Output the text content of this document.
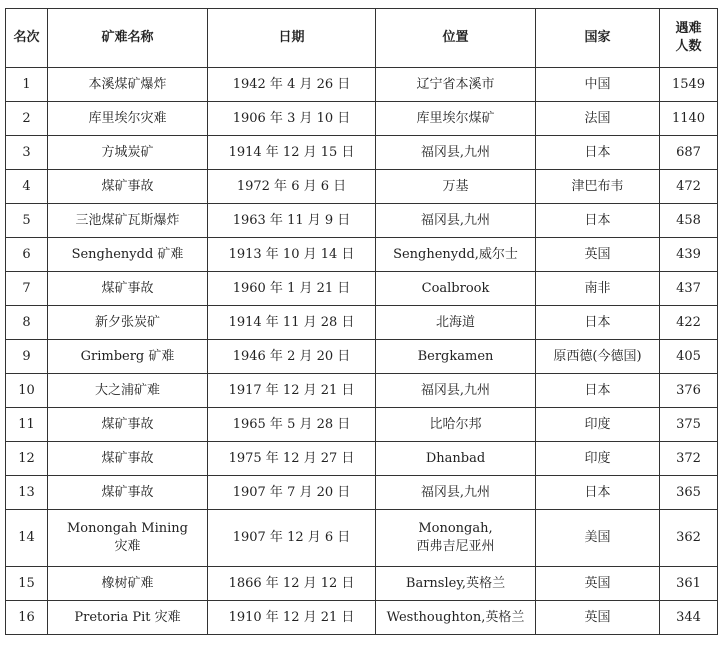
名次	矿难名称	日期	位置	国家	遇难
人数
1	本溪煤矿爆炸	1942 年 4 月 26 日	辽宁省本溪市	中国	1549
2	库里埃尔灾难	1906 年 3 月 10 日	库里埃尔煤矿	法国	1140
3	方城炭矿	1914 年 12 月 15 日	福冈县,九州	日本	687
4	煤矿事故	1972 年 6 月 6 日	万基	津巴布韦	472
5	三池煤矿瓦斯爆炸	1963 年 11 月 9 日	福冈县,九州	日本	458
6	Senghenydd 矿难	1913 年 10 月 14 日	Senghenydd,威尔士	英国	439
7	煤矿事故	1960 年 1 月 21 日	Coalbrook	南非	437
8	新夕张炭矿	1914 年 11 月 28 日	北海道	日本	422
9	Grimberg 矿难	1946 年 2 月 20 日	Bergkamen	原西德(今德国)	405
10	大之浦矿难	1917 年 12 月 21 日	福冈县,九州	日本	376
11	煤矿事故	1965 年 5 月 28 日	比哈尔邦	印度	375
12	煤矿事故	1975 年 12 月 27 日	Dhanbad	印度	372
13	煤矿事故	1907 年 7 月 20 日	福冈县,九州	日本	365
14	Monongah Mining
灾难	1907 年 12 月 6 日	Monongah,
西弗吉尼亚州	美国	362
15	橡树矿难	1866 年 12 月 12 日	Barnsley,英格兰	英国	361
16	Pretoria Pit 灾难	1910 年 12 月 21 日	Westhoughton,英格兰	英国	344
